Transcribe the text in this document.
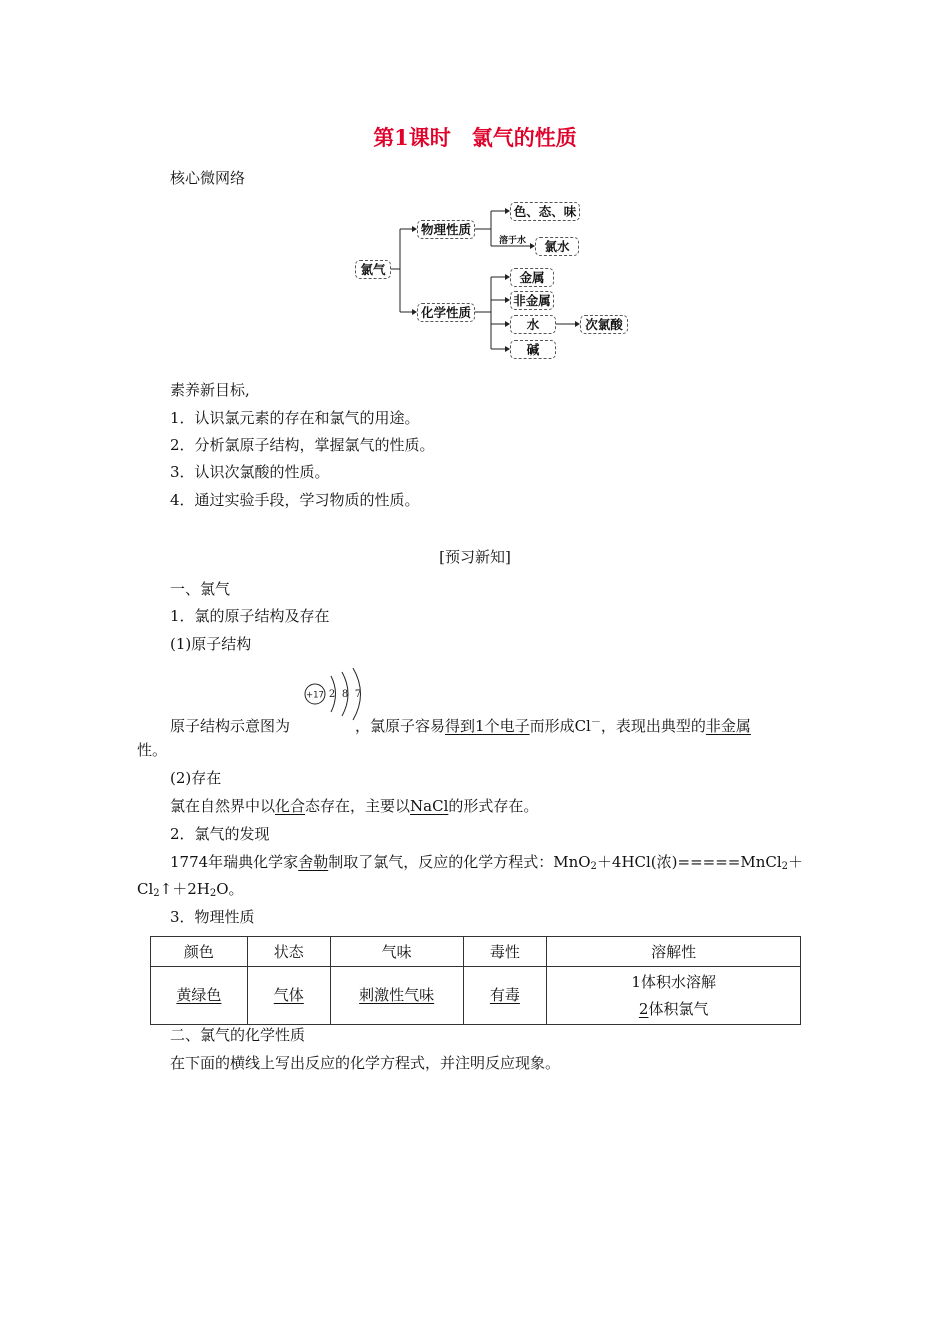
第1课时　氯气的性质
核心微网络
氯气
物理性质
化学性质
色、态、味
溶于水	氯水
金属
非金属
水	次氯酸
碱
素养新目标,
1．认识氯元素的存在和氯气的用途。
2．分析氯原子结构，掌握氯气的性质。
3．认识次氯酸的性质。
4．通过实验手段，学习物质的性质。
[预习新知]
一、氯气
1．氯的原子结构及存在
(1)原子结构
+17 2 8 7
原子结构示意图为	，氯原子容易得到1个电子而形成Cl－，表现出典型的非金属
性。
(2)存在
氯在自然界中以化合态存在，主要以NaCl的形式存在。
2．氯气的发现
1774年瑞典化学家舍勒制取了氯气，反应的化学方程式：MnO$_2$＋4HCl(浓)=====MnCl$_2$＋
$Cl_2↑+2H_2O$。
3．物理性质
颜色	状态	气味	毒性	溶解性
黄绿色	气体	刺激性气味	有毒	1体积水溶解
2体积氯气
二、氯气的化学性质
在下面的横线上写出反应的化学方程式，并注明反应现象。
